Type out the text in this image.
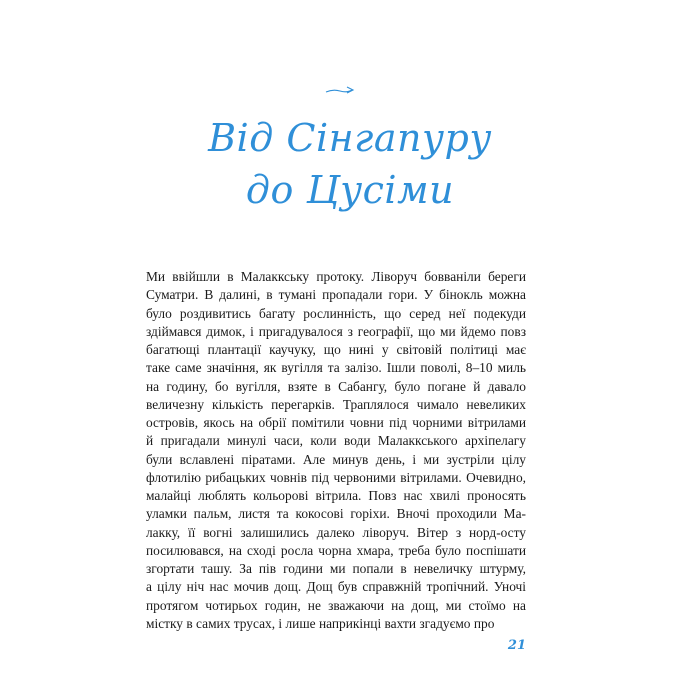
Від Сінгапуру
до Цусіми
Ми ввійшли в Малаккську протоку. Ліворуч бовваніли береги
Суматри. В далині, в тумані пропадали гори. У бінокль можна
було роздивитись багату рослинність, що серед неї подекуди
здіймався димок, і пригадувалося з географії, що ми йдемо повз
багатющі плантації каучуку, що нині у світовій політиці має
таке саме значіння, як вугілля та залізо. Ішли поволі, 8–10 миль
на годину, бо вугілля, взяте в Сабангу, було погане й давало
величезну кількість перегарків. Траплялося чимало невеликих
островів, якось на обрії помітили човни під чорними вітрилами
й пригадали минулі часи, коли води Малаккського архіпелагу
були вславлені піратами. Але минув день, і ми зустріли цілу
флотилію рибацьких човнів під червоними вітрилами. Очевидно,
малайці люблять кольорові вітрила. Повз нас хвилі проносять
уламки пальм, листя та кокосові горіхи. Вночі проходили Ма-
лакку, її вогні залишились далеко ліворуч. Вітер з норд-осту
посилювався, на сході росла чорна хмара, треба було поспішати
згортати ташу. За пів години ми попали в невеличку штурму,
а цілу ніч нас мочив дощ. Дощ був справжній тропічний. Уночі
протягом чотирьох годин, не зважаючи на дощ, ми стоїмо на
містку в самих трусах, і лише наприкінці вахти згадуємо про
21
